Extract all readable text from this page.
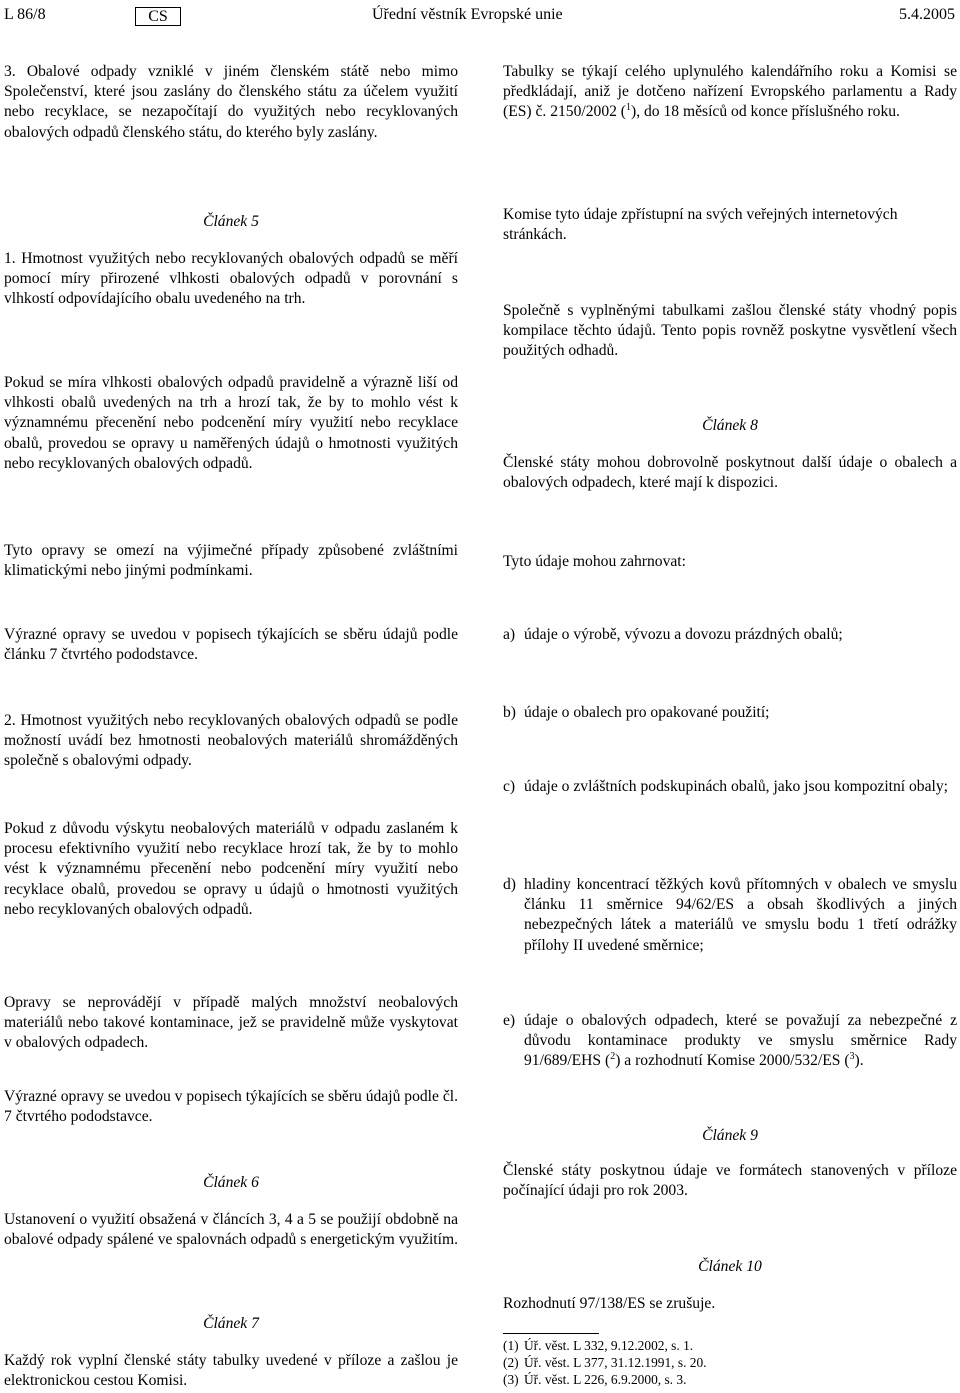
L 86/8	CS	Úřední věstník Evropské unie	5.4.2005

3. Obalové odpady vzniklé v jiném členském státě nebo mimo Společenství, které jsou zaslány do členského státu za účelem využití nebo recyklace, se nezapočítají do využitých nebo recyklovaných obalových odpadů členského státu, do kterého byly zaslány.

Článek 5

1. Hmotnost využitých nebo recyklovaných obalových odpadů se měří pomocí míry přirozené vlhkosti obalových odpadů v porovnání s vlhkostí odpovídajícího obalu uvedeného na trh.

Pokud se míra vlhkosti obalových odpadů pravidelně a výrazně liší od vlhkosti obalů uvedených na trh a hrozí tak, že by to mohlo vést k významnému přecenění nebo podcenění míry využití nebo recyklace obalů, provedou se opravy u naměřených údajů o hmotnosti využitých nebo recyklovaných obalových odpadů.

Tyto opravy se omezí na výjimečné případy způsobené zvláštními klimatickými nebo jinými podmínkami.

Výrazné opravy se uvedou v popisech týkajících se sběru údajů podle článku 7 čtvrtého pododstavce.

2. Hmotnost využitých nebo recyklovaných obalových odpadů se podle možností uvádí bez hmotnosti neobalových materiálů shromážděných společně s obalovými odpady.

Pokud z důvodu výskytu neobalových materiálů v odpadu zaslaném k procesu efektivního využití nebo recyklace hrozí tak, že by to mohlo vést k významnému přecenění nebo podcenění míry využití nebo recyklace obalů, provedou se opravy u údajů o hmotnosti využitých nebo recyklovaných obalových odpadů.

Opravy se neprovádějí v případě malých množství neobalových materiálů nebo takové kontaminace, jež se pravidelně může vyskytovat v obalových odpadech.

Výrazné opravy se uvedou v popisech týkajících se sběru údajů podle čl. 7 čtvrtého pododstavce.

Článek 6

Ustanovení o využití obsažená v článcích 3, 4 a 5 se použijí obdobně na obalové odpady spálené ve spalovnách odpadů s energetickým využitím.

Článek 7

Každý rok vyplní členské státy tabulky uvedené v příloze a zašlou je elektronickou cestou Komisi.

Tabulky se týkají celého uplynulého kalendářního roku a Komisi se předkládají, aniž je dotčeno nařízení Evropského parlamentu a Rady (ES) č. 2150/2002 ($^1$), do 18 měsíců od konce příslušného roku.

Komise tyto údaje zpřístupní na svých veřejných internetových stránkách.

Společně s vyplněnými tabulkami zašlou členské státy vhodný popis kompilace těchto údajů. Tento popis rovněž poskytne vysvětlení všech použitých odhadů.

Článek 8

Členské státy mohou dobrovolně poskytnout další údaje o obalech a obalových odpadech, které mají k dispozici.

Tyto údaje mohou zahrnovat:

a) údaje o výrobě, vývozu a dovozu prázdných obalů;
b) údaje o obalech pro opakované použití;
c) údaje o zvláštních podskupinách obalů, jako jsou kompozitní obaly;
d) hladiny koncentrací těžkých kovů přítomných v obalech ve smyslu článku 11 směrnice 94/62/ES a obsah škodlivých a jiných nebezpečných látek a materiálů ve smyslu bodu 1 třetí odrážky přílohy II uvedené směrnice;
e) údaje o obalových odpadech, které se považují za nebezpečné z důvodu kontaminace produkty ve smyslu směrnice Rady 91/689/EHS ($^2$) a rozhodnutí Komise 2000/532/ES ($^3$).

Článek 9

Členské státy poskytnou údaje ve formátech stanovených v příloze počínající údaji pro rok 2003.

Článek 10

Rozhodnutí 97/138/ES se zrušuje.

(1) Úř. věst. L 332, 9.12.2002, s. 1.
(2) Úř. věst. L 377, 31.12.1991, s. 20.
(3) Úř. věst. L 226, 6.9.2000, s. 3.
